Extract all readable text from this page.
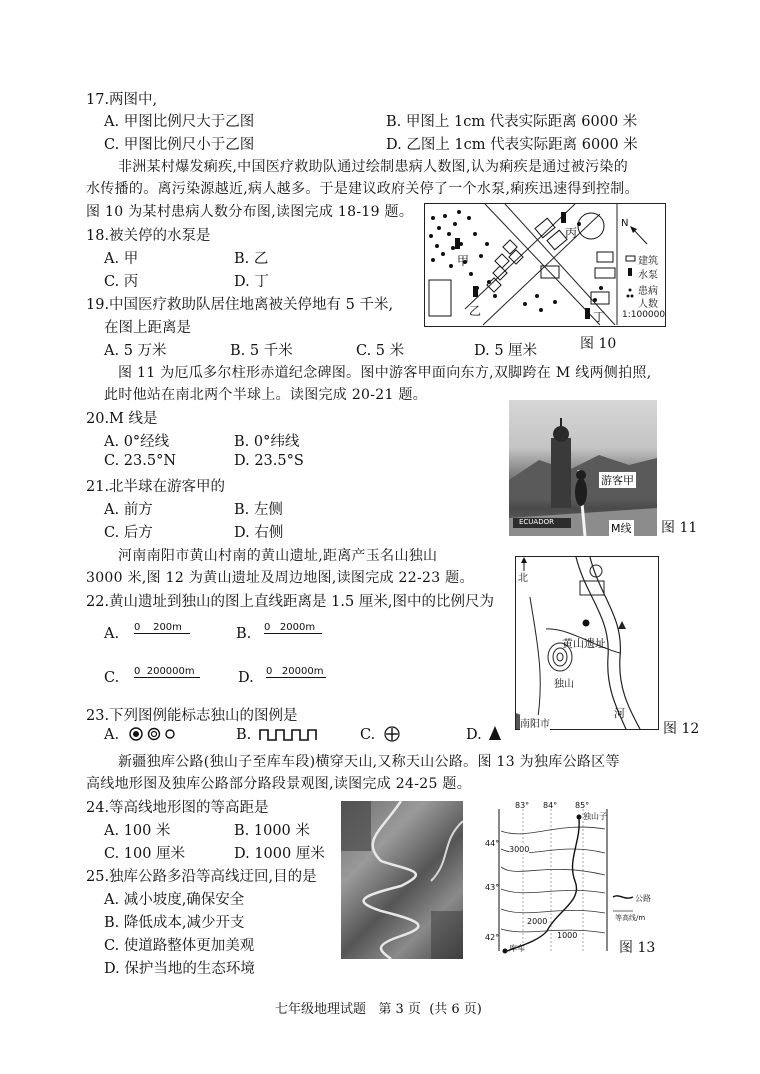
17.两图中,
A. 甲图比例尺大于乙图	B. 甲图上 1cm 代表实际距离 6000 米
C. 甲图比例尺小于乙图	D. 乙图上 1cm 代表实际距离 6000 米
非洲某村爆发痢疾,中国医疗救助队通过绘制患病人数图,认为痢疾是通过被污染的
水传播的。离污染源越近,病人越多。于是建议政府关停了一个水泵,痢疾迅速得到控制。
图 10 为某村患病人数分布图,读图完成 18-19 题。
18.被关停的水泵是
A. 甲	B. 乙
C. 丙	D. 丁
19.中国医疗救助队居住地离被关停地有 5 千米,
在图上距离是
A. 5 万米	B. 5 千米	C. 5 米	D. 5 厘米
甲
乙
丙
丁
N
建筑
水泵
患病
人数
1:100000
图 10
图 11 为厄瓜多尔柱形赤道纪念碑图。图中游客甲面向东方,双脚跨在 M 线两侧拍照,
此时他站在南北两个半球上。读图完成 20-21 题。
20.M 线是
A. 0°经线	B. 0°纬线
C. 23.5°N	D. 23.5°S
21.北半球在游客甲的
A. 前方	B. 左侧
C. 后方	D. 右侧
游客甲
ECUADOR	M线 图 11
河南南阳市黄山村南的黄山遗址,距离产玉名山独山
3000 米,图 12 为黄山遗址及周边地图,读图完成 22-23 题。
22.黄山遗址到独山的图上直线距离是 1.5 厘米,图中的比例尺为
A. 0    200m	B. 0   2000m
C. 0  200000m	D. 0   20000m
北
黄山遗址
独山
河
南阳市	图 12
23.下列图例能标志独山的图例是
A.	B.	C.	D.
新疆独库公路(独山子至库车段)横穿天山,又称天山公路。图 13 为独库公路区等
高线地形图及独库公路部分路段景观图,读图完成 24-25 题。
24.等高线地形图的等高距是
A. 100 米	B. 1000 米
C. 100 厘米	D. 1000 厘米
25.独库公路多沿等高线迂回,目的是
A. 减小坡度,确保安全
B. 降低成本,减少开支
C. 使道路整体更加美观
D. 保护当地的生态环境
83° 84° 85°
44°
43°
42°
3000
2000
1000
独山子
库车
公路
等高线/m
图 13
七年级地理试题   第 3 页  (共 6 页)
